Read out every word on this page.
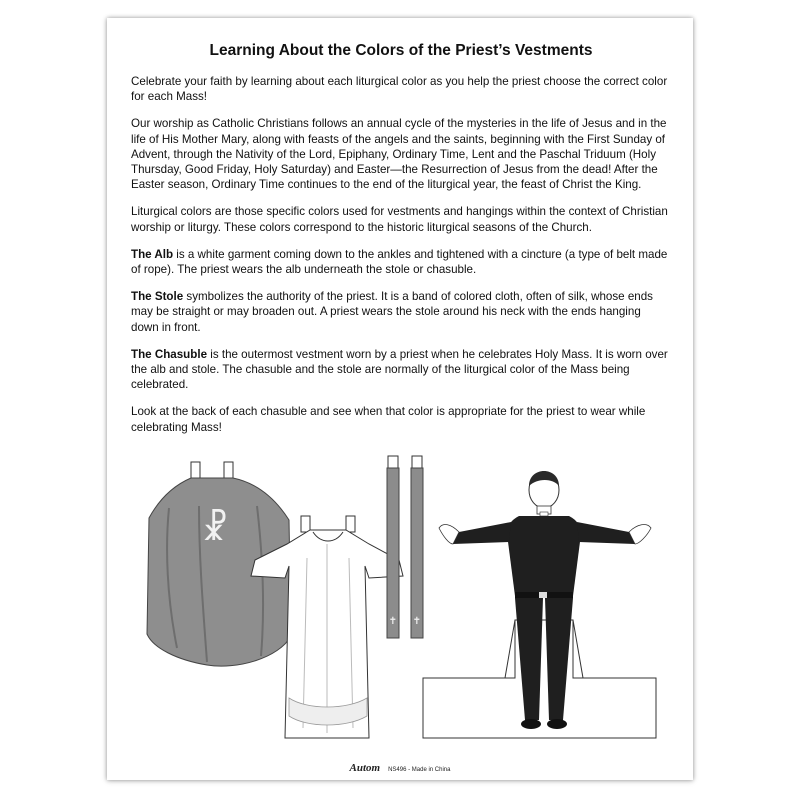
Learning About the Colors of the Priest’s Vestments

Celebrate your faith by learning about each liturgical color as you help the priest choose the correct color for each Mass!

Our worship as Catholic Christians follows an annual cycle of the mysteries in the life of Jesus and in the life of His Mother Mary, along with feasts of the angels and the saints, beginning with the First Sunday of Advent, through the Nativity of the Lord, Epiphany, Ordinary Time, Lent and the Paschal Triduum (Holy Thursday, Good Friday, Holy Saturday) and Easter—the Resurrection of Jesus from the dead! After the Easter season, Ordinary Time continues to the end of the liturgical year, the feast of Christ the King.

Liturgical colors are those specific colors used for vestments and hangings within the context of Christian worship or liturgy. These colors correspond to the historic liturgical seasons of the Church.

The Alb is a white garment coming down to the ankles and tightened with a cincture (a type of belt made of rope). The priest wears the alb underneath the stole or chasuble.

The Stole symbolizes the authority of the priest. It is a band of colored cloth, often of silk, whose ends may be straight or may broaden out. A priest wears the stole around his neck with the ends hanging down in front.

The Chasuble is the outermost vestment worn by a priest when he celebrates Holy Mass. It is worn over the alb and stole. The chasuble and the stole are normally of the liturgical color of the Mass being celebrated.

Look at the back of each chasuble and see when that color is appropriate for the priest to wear while celebrating Mass!

☧
✝ ✝
Autom NS496 - Made in China
